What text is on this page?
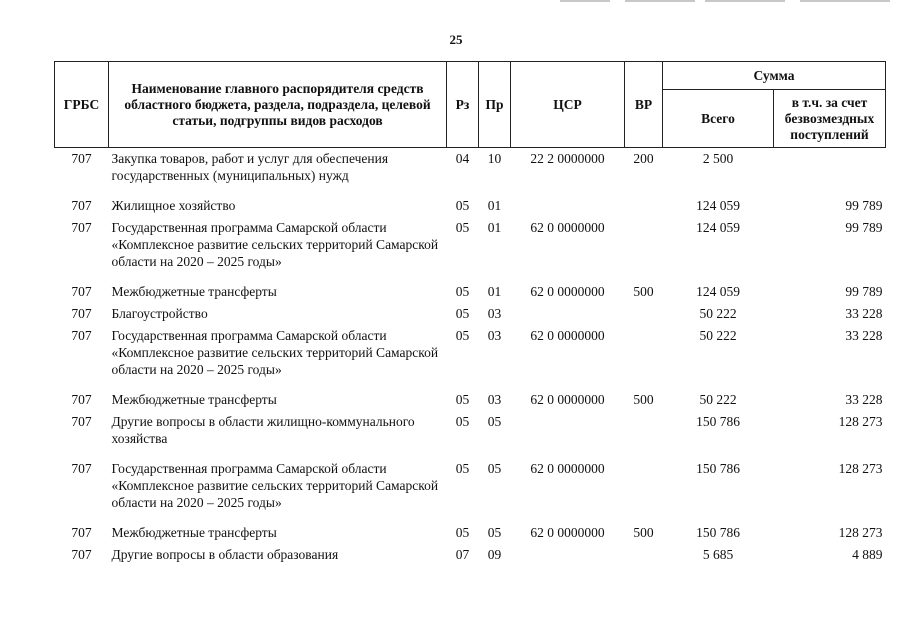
25
ГРБС	Наименование главного распорядителя средств областного бюджета, раздела, подраздела, целевой статьи, подгруппы видов расходов	Рз	Пр	ЦСР	ВР	Сумма	
						Всего	в т.ч. за счет безвозмездных поступлений
707	Закупка товаров, работ и услуг для обеспечения государственных (муниципальных) нужд	04	10	22 2 0000000	200	2 500	
707	Жилищное хозяйство	05	01			124 059	99 789
707	Государственная программа Самарской области «Комплексное развитие сельских территорий Самарской области на 2020 – 2025 годы»	05	01	62 0 0000000		124 059	99 789
707	Межбюджетные трансферты	05	01	62 0 0000000	500	124 059	99 789
707	Благоустройство	05	03			50 222	33 228
707	Государственная программа Самарской области «Комплексное развитие сельских территорий Самарской области на 2020 – 2025 годы»	05	03	62 0 0000000		50 222	33 228
707	Межбюджетные трансферты	05	03	62 0 0000000	500	50 222	33 228
707	Другие вопросы в области жилищно-коммунального хозяйства	05	05			150 786	128 273
707	Государственная программа Самарской области «Комплексное развитие сельских территорий Самарской области на 2020 – 2025 годы»	05	05	62 0 0000000		150 786	128 273
707	Межбюджетные трансферты	05	05	62 0 0000000	500	150 786	128 273
707	Другие вопросы в области образования	07	09			5 685	4 889
